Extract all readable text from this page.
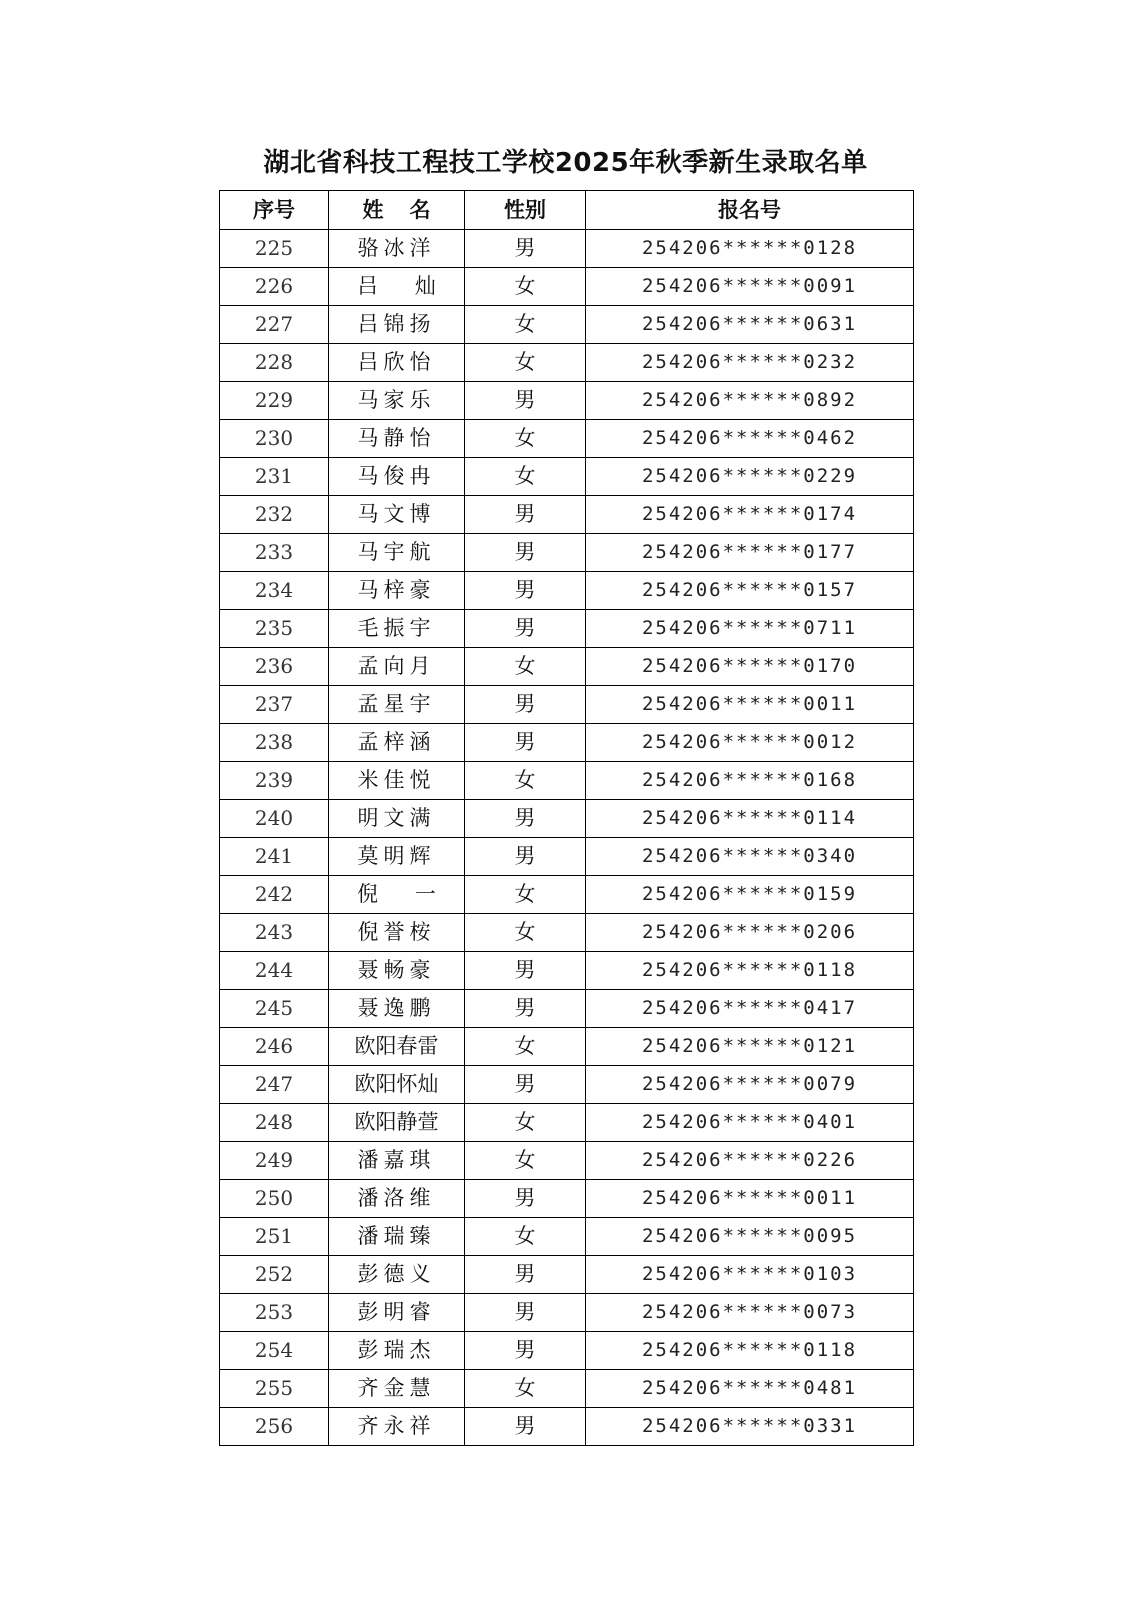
湖北省科技工程技工学校2025年秋季新生录取名单
序号	姓名	性别	报名号
225	骆冰洋	男	254206******0128
226	吕 灿	女	254206******0091
227	吕锦扬	女	254206******0631
228	吕欣怡	女	254206******0232
229	马家乐	男	254206******0892
230	马静怡	女	254206******0462
231	马俊冉	女	254206******0229
232	马文博	男	254206******0174
233	马宇航	男	254206******0177
234	马梓豪	男	254206******0157
235	毛振宇	男	254206******0711
236	孟向月	女	254206******0170
237	孟星宇	男	254206******0011
238	孟梓涵	男	254206******0012
239	米佳悦	女	254206******0168
240	明文满	男	254206******0114
241	莫明辉	男	254206******0340
242	倪 一	女	254206******0159
243	倪誉桉	女	254206******0206
244	聂畅豪	男	254206******0118
245	聂逸鹏	男	254206******0417
246	欧阳春雷	女	254206******0121
247	欧阳怀灿	男	254206******0079
248	欧阳静萱	女	254206******0401
249	潘嘉琪	女	254206******0226
250	潘洛维	男	254206******0011
251	潘瑞臻	女	254206******0095
252	彭德义	男	254206******0103
253	彭明睿	男	254206******0073
254	彭瑞杰	男	254206******0118
255	齐金慧	女	254206******0481
256	齐永祥	男	254206******0331
